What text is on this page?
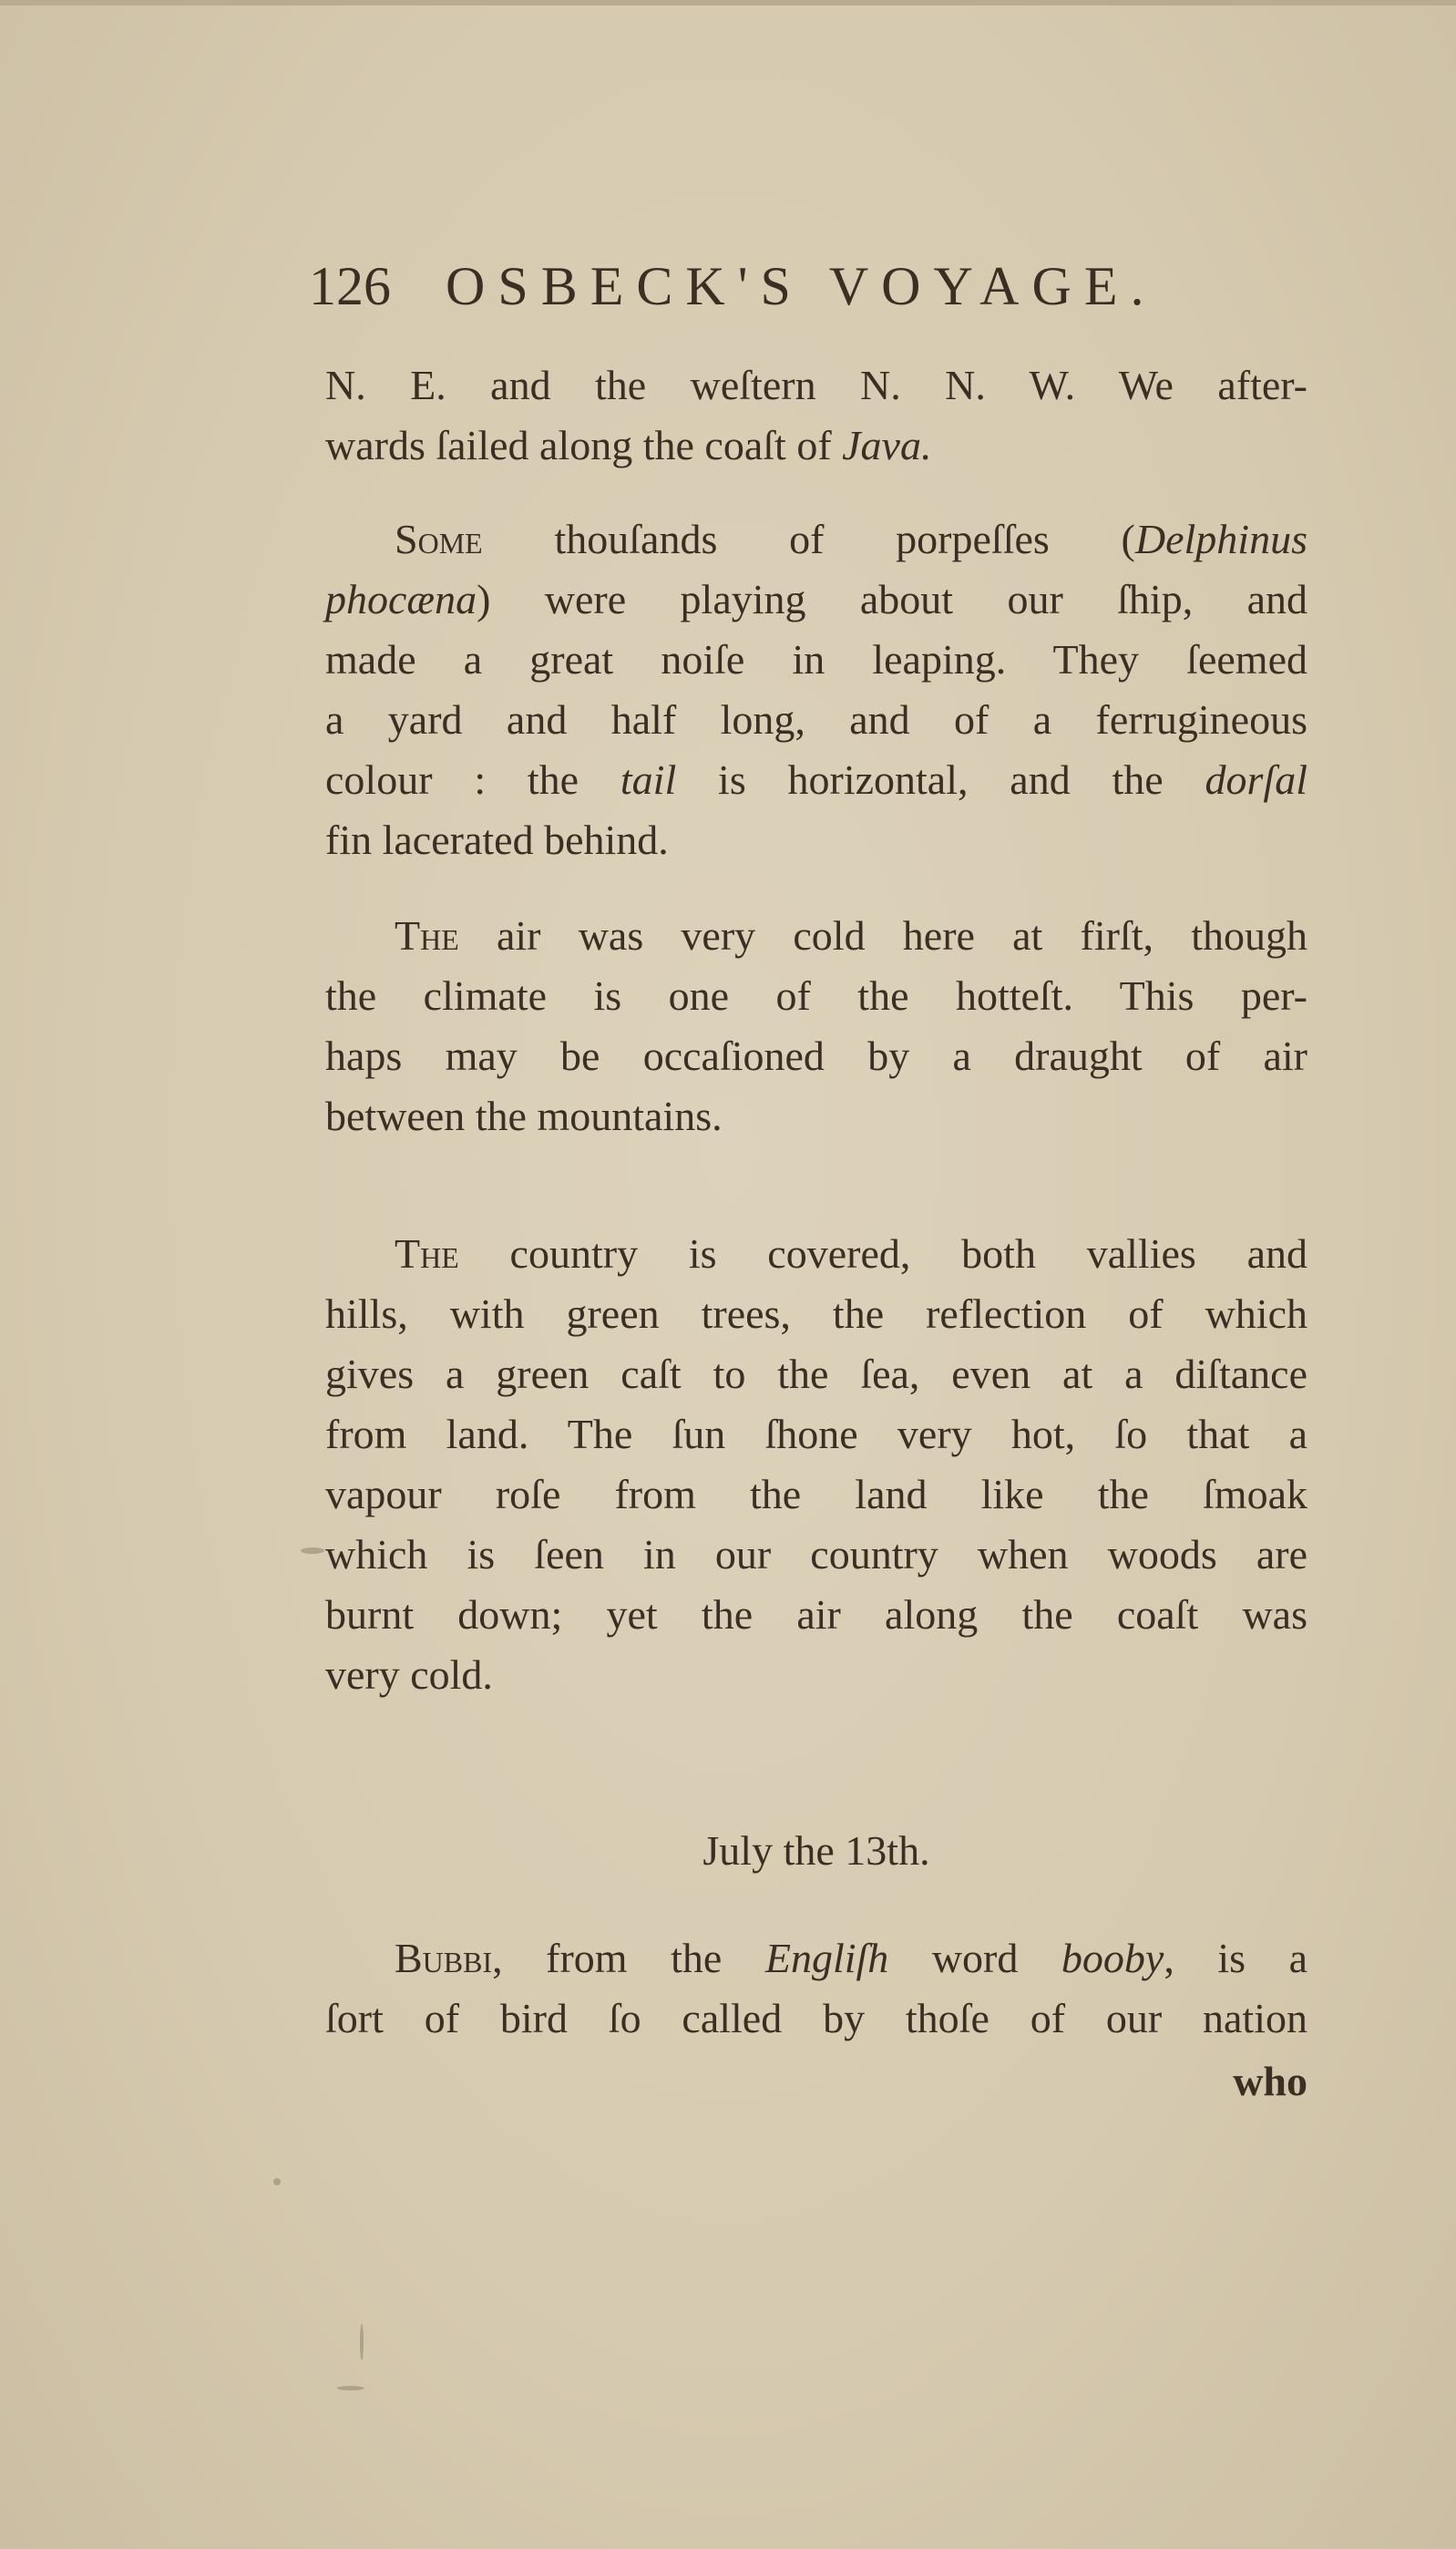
126 OSBECK'S VOYAGE.
N. E. and the weſtern N. N. W. We after-
wards ſailed along the coaſt of Java.
Some thouſands of porpeſſes (Delphinus
phocæna) were playing about our ſhip, and
made a great noiſe in leaping. They ſeemed
a yard and half long, and of a ferrugineous
colour : the tail is horizontal, and the dorſal
fin lacerated behind.
The air was very cold here at firſt, though
the climate is one of the hotteſt. This per-
haps may be occaſioned by a draught of air
between the mountains.
The country is covered, both vallies and
hills, with green trees, the reflection of which
gives a green caſt to the ſea, even at a diſtance
from land. The ſun ſhone very hot, ſo that a
vapour roſe from the land like the ſmoak
which is ſeen in our country when woods are
burnt down; yet the air along the coaſt was
very cold.
Bubbi, from the Engliſh word booby, is a
ſort of bird ſo called by thoſe of our nation
July the 13th.
who
